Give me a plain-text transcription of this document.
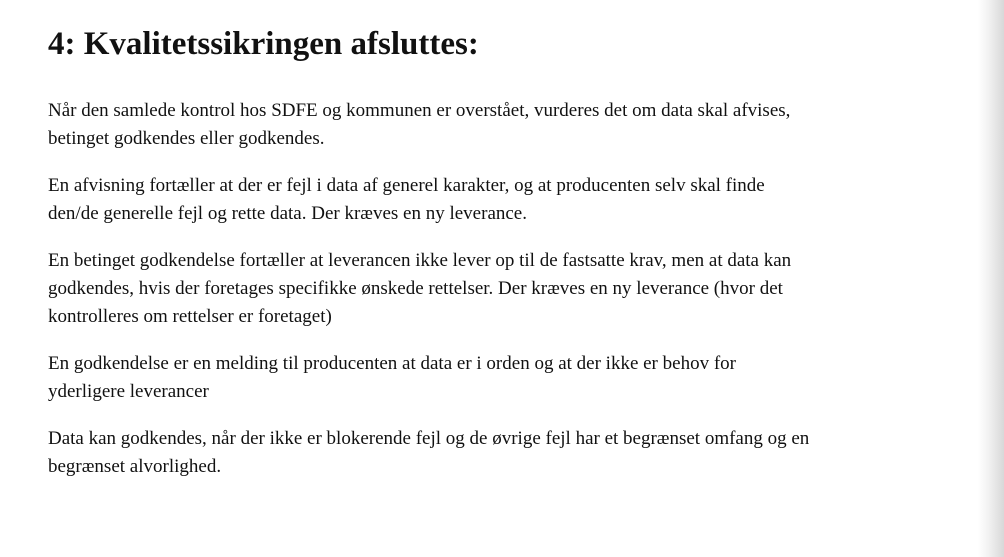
4: Kvalitetssikringen afsluttes:

Når den samlede kontrol hos SDFE og kommunen er overstået, vurderes det om data skal afvises,
betinget godkendes eller godkendes.

En afvisning fortæller at der er fejl i data af generel karakter, og at producenten selv skal finde
den/de generelle fejl og rette data. Der kræves en ny leverance.

En betinget godkendelse fortæller at leverancen ikke lever op til de fastsatte krav, men at data kan
godkendes, hvis der foretages specifikke ønskede rettelser. Der kræves en ny leverance (hvor det
kontrolleres om rettelser er foretaget)

En godkendelse er en melding til producenten at data er i orden og at der ikke er behov for
yderligere leverancer

Data kan godkendes, når der ikke er blokerende fejl og de øvrige fejl har et begrænset omfang og en
begrænset alvorlighed.
